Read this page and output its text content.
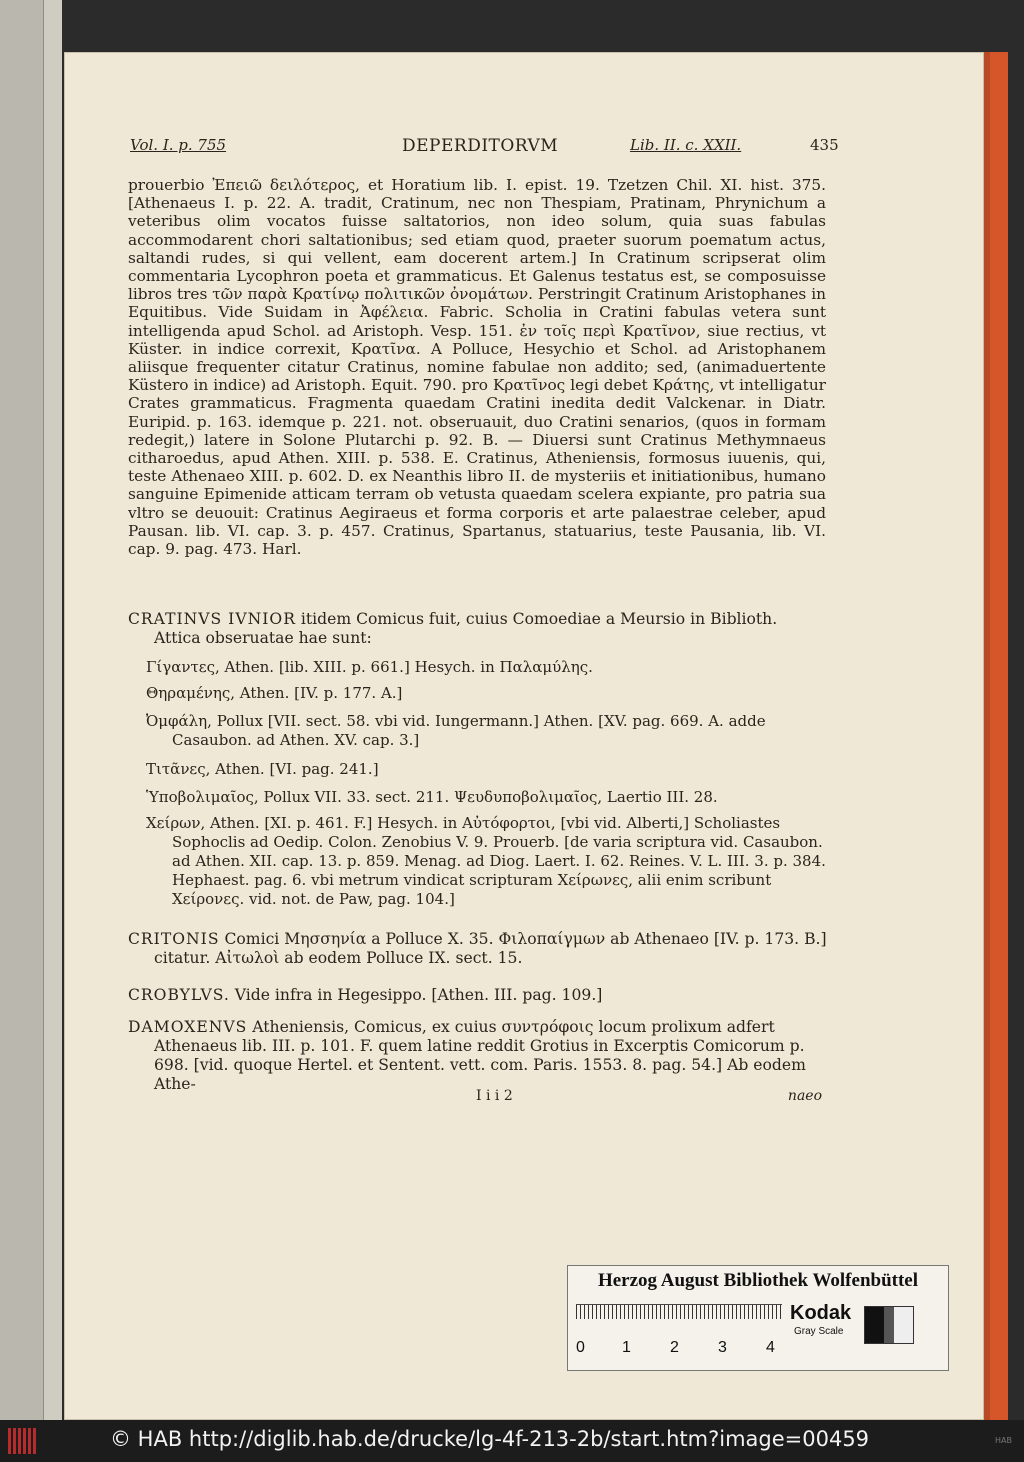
Vol. I. p. 755	DEPERDITORVM	Lib. II. c. XXII.	435

prouerbio Ἐπειῶ δειλότερος, et Horatium lib. I. epist. 19. Tzetzen Chil. XI. hist. 375. [Athenaeus I. p. 22. A. tradit, Cratinum, nec non Thespiam, Pratinam, Phrynichum a veteribus olim vocatos fuisse saltatorios, non ideo solum, quia suas fabulas accommodarent chori saltationibus; sed etiam quod, praeter suorum poematum actus, saltandi rudes, si qui vellent, eam docerent artem.] In Cratinum scripserat olim commentaria Lycophron poeta et grammaticus. Et Galenus testatus est, se composuisse libros tres τῶν παρὰ Κρατίνῳ πολιτικῶν ὀνομάτων. Perstringit Cratinum Aristophanes in Equitibus. Vide Suidam in Ἀφέλεια. Fabric. Scholia in Cratini fabulas vetera sunt intelligenda apud Schol. ad Aristoph. Vesp. 151. ἐν τοῖς περὶ Κρατῖνον, siue rectius, vt Küster. in indice correxit, Κρατῖνα. A Polluce, Hesychio et Schol. ad Aristophanem aliisque frequenter citatur Cratinus, nomine fabulae non addito; sed, (animaduertente Küstero in indice) ad Aristoph. Equit. 790. pro Κρατῖνος legi debet Κράτης, vt intelligatur Crates grammaticus. Fragmenta quaedam Cratini inedita dedit Valckenar. in Diatr. Euripid. p. 163. idemque p. 221. not. obseruauit, duo Cratini senarios, (quos in formam redegit,) latere in Solone Plutarchi p. 92. B. — Diuersi sunt Cratinus Methymnaeus citharoedus, apud Athen. XIII. p. 538. E. Cratinus, Atheniensis, formosus iuuenis, qui, teste Athenaeo XIII. p. 602. D. ex Neanthis libro II. de mysteriis et initiationibus, humano sanguine Epimenide atticam terram ob vetusta quaedam scelera expiante, pro patria sua vltro se deuouit: Cratinus Aegiraeus et forma corporis et arte palaestrae celeber, apud Pausan. lib. VI. cap. 3. p. 457. Cratinus, Spartanus, statuarius, teste Pausania, lib. VI. cap. 9. pag. 473. Harl.

CRATINVS IVNIOR itidem Comicus fuit, cuius Comoediae a Meursio in Biblioth. Attica obseruatae hae sunt:

Γίγαντες, Athen. [lib. XIII. p. 661.] Hesych. in Παλαμύλης.

Θηραμένης, Athen. [IV. p. 177. A.]

Ὀμφάλη, Pollux [VII. sect. 58. vbi vid. Iungermann.] Athen. [XV. pag. 669. A. adde Casaubon. ad Athen. XV. cap. 3.]

Τιτᾶνες, Athen. [VI. pag. 241.]

Ὑποβολιμαῖος, Pollux VII. 33. sect. 211. Ψευδυποβολιμαῖος, Laertio III. 28.

Χείρων, Athen. [XI. p. 461. F.] Hesych. in Αὐτόφορτοι, [vbi vid. Alberti,] Scholiastes Sophoclis ad Oedip. Colon. Zenobius V. 9. Prouerb. [de varia scriptura vid. Casaubon. ad Athen. XII. cap. 13. p. 859. Menag. ad Diog. Laert. I. 62. Reines. V. L. III. 3. p. 384. Hephaest. pag. 6. vbi metrum vindicat scripturam Χείρωνες, alii enim scribunt Χείρονες. vid. not. de Paw, pag. 104.]

CRITONIS Comici Μησσηνία a Polluce X. 35. Φιλοπαίγμων ab Athenaeo [IV. p. 173. B.] citatur. Αἰτωλοὶ ab eodem Polluce IX. sect. 15.

CROBYLVS. Vide infra in Hegesippo. [Athen. III. pag. 109.]

DAMOXENVS Atheniensis, Comicus, ex cuius συντρόφοις locum prolixum adfert Athenaeus lib. III. p. 101. F. quem latine reddit Grotius in Excerptis Comicorum p. 698. [vid. quoque Hertel. et Sentent. vett. com. Paris. 1553. 8. pag. 54.] Ab eodem Athe-

I i i 2	naeo
Herzog August Bibliothek Wolfenbüttel
0 1 2 3 4
Kodak
Gray Scale
© HAB http://diglib.hab.de/drucke/lg-4f-213-2b/start.htm?image=00459	HAB
